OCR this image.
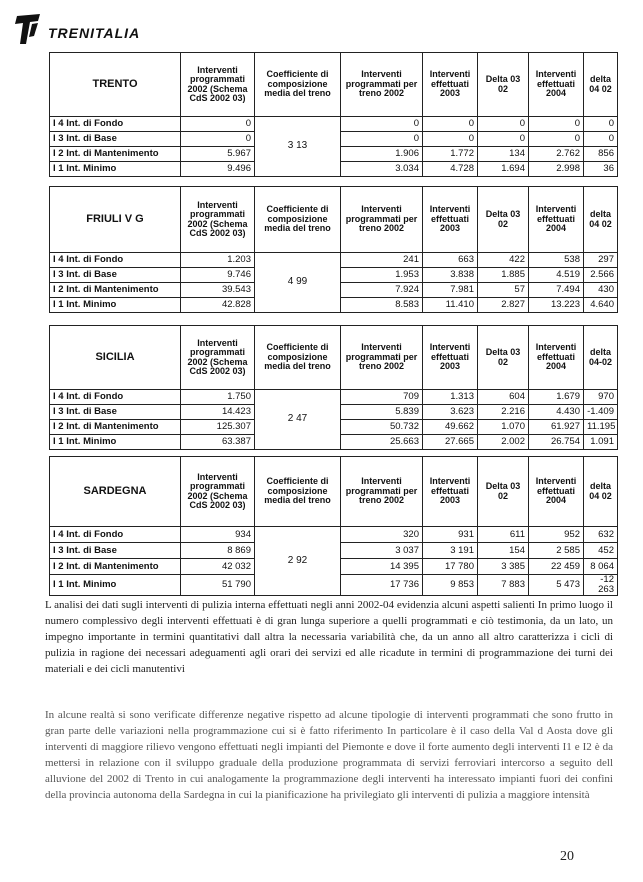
TRENITALIA
TRENTO	Interventi programmati 2002 (Schema CdS 2002 03)	Coefficiente di composizione media del treno	Interventi programmati per treno 2002	Interventi effettuati 2003	Delta 03 02	Interventi effettuati 2004	delta 04 02
I 4 Int. di Fondo	0	3 13	0	0	0	0	0
I 3 Int. di Base	0		0	0	0	0	0
I 2 Int. di Mantenimento	5.967		1.906	1.772	134	2.762	856
I 1 Int. Minimo	9.496		3.034	4.728	1.694	2.998	36
FRIULI V G	Interventi programmati 2002 (Schema CdS 2002 03)	Coefficiente di composizione media del treno	Interventi programmati per treno 2002	Interventi effettuati 2003	Delta 03 02	Interventi effettuati 2004	delta 04 02
I 4 Int. di Fondo	1.203	4 99	241	663	422	538	297
I 3 Int. di Base	9.746		1.953	3.838	1.885	4.519	2.566
I 2 Int. di Mantenimento	39.543		7.924	7.981	57	7.494	430
I 1 Int. Minimo	42.828		8.583	11.410	2.827	13.223	4.640
SICILIA	Interventi programmati 2002 (Schema CdS 2002 03)	Coefficiente di composizione media del treno	Interventi programmati per treno 2002	Interventi effettuati 2003	Delta 03 02	Interventi effettuati 2004	delta 04-02
I 4 Int. di Fondo	1.750	2 47	709	1.313	604	1.679	970
I 3 Int. di Base	14.423		5.839	3.623	2.216	4.430	-1.409
I 2 Int. di Mantenimento	125.307		50.732	49.662	1.070	61.927	11.195
I 1 Int. Minimo	63.387		25.663	27.665	2.002	26.754	1.091
SARDEGNA	Interventi programmati 2002 (Schema CdS 2002 03)	Coefficiente di composizione media del treno	Interventi programmati per treno 2002	Interventi effettuati 2003	Delta 03 02	Interventi effettuati 2004	delta 04 02
I 4 Int. di Fondo	934	2 92	320	931	611	952	632
I 3 Int. di Base	8 869		3 037	3 191	154	2 585	452
I 2 Int. di Mantenimento	42 032		14 395	17 780	3 385	22 459	8 064
I 1 Int. Minimo	51 790		17 736	9 853	7 883	5 473	-12 263

L analisi dei dati sugli interventi di pulizia interna effettuati negli anni 2002-04 evidenzia alcuni aspetti salienti In primo luogo il numero complessivo degli interventi effettuati è di gran lunga superiore a quelli programmati e ciò testimonia, da un lato, un impegno importante in termini quantitativi dall altra la necessaria variabilità che, da un anno all altro caratterizza i cicli di pulizia in ragione dei necessari adeguamenti agli orari dei servizi ed alle ricadute in termini di programmazione dei turni dei materiali e dei cicli manutentivi

In alcune realtà si sono verificate differenze negative rispetto ad alcune tipologie di interventi programmati che sono frutto in gran parte delle variazioni nella programmazione cui si è fatto riferimento In particolare è il caso della Val d Aosta dove gli interventi di maggiore rilievo vengono effettuati negli impianti del Piemonte e dove il forte aumento degli interventi I1 e I2 è da mettersi in relazione con il sviluppo graduale della produzione programmata di servizi ferroviari intercorso a seguito dell alluvione del 2002 di Trento in cui analogamente la programmazione degli interventi ha interessato impianti fuori dei confini della provincia autonoma della Sardegna in cui la pianificazione ha privilegiato gli interventi di pulizia a maggiore intensità

20
